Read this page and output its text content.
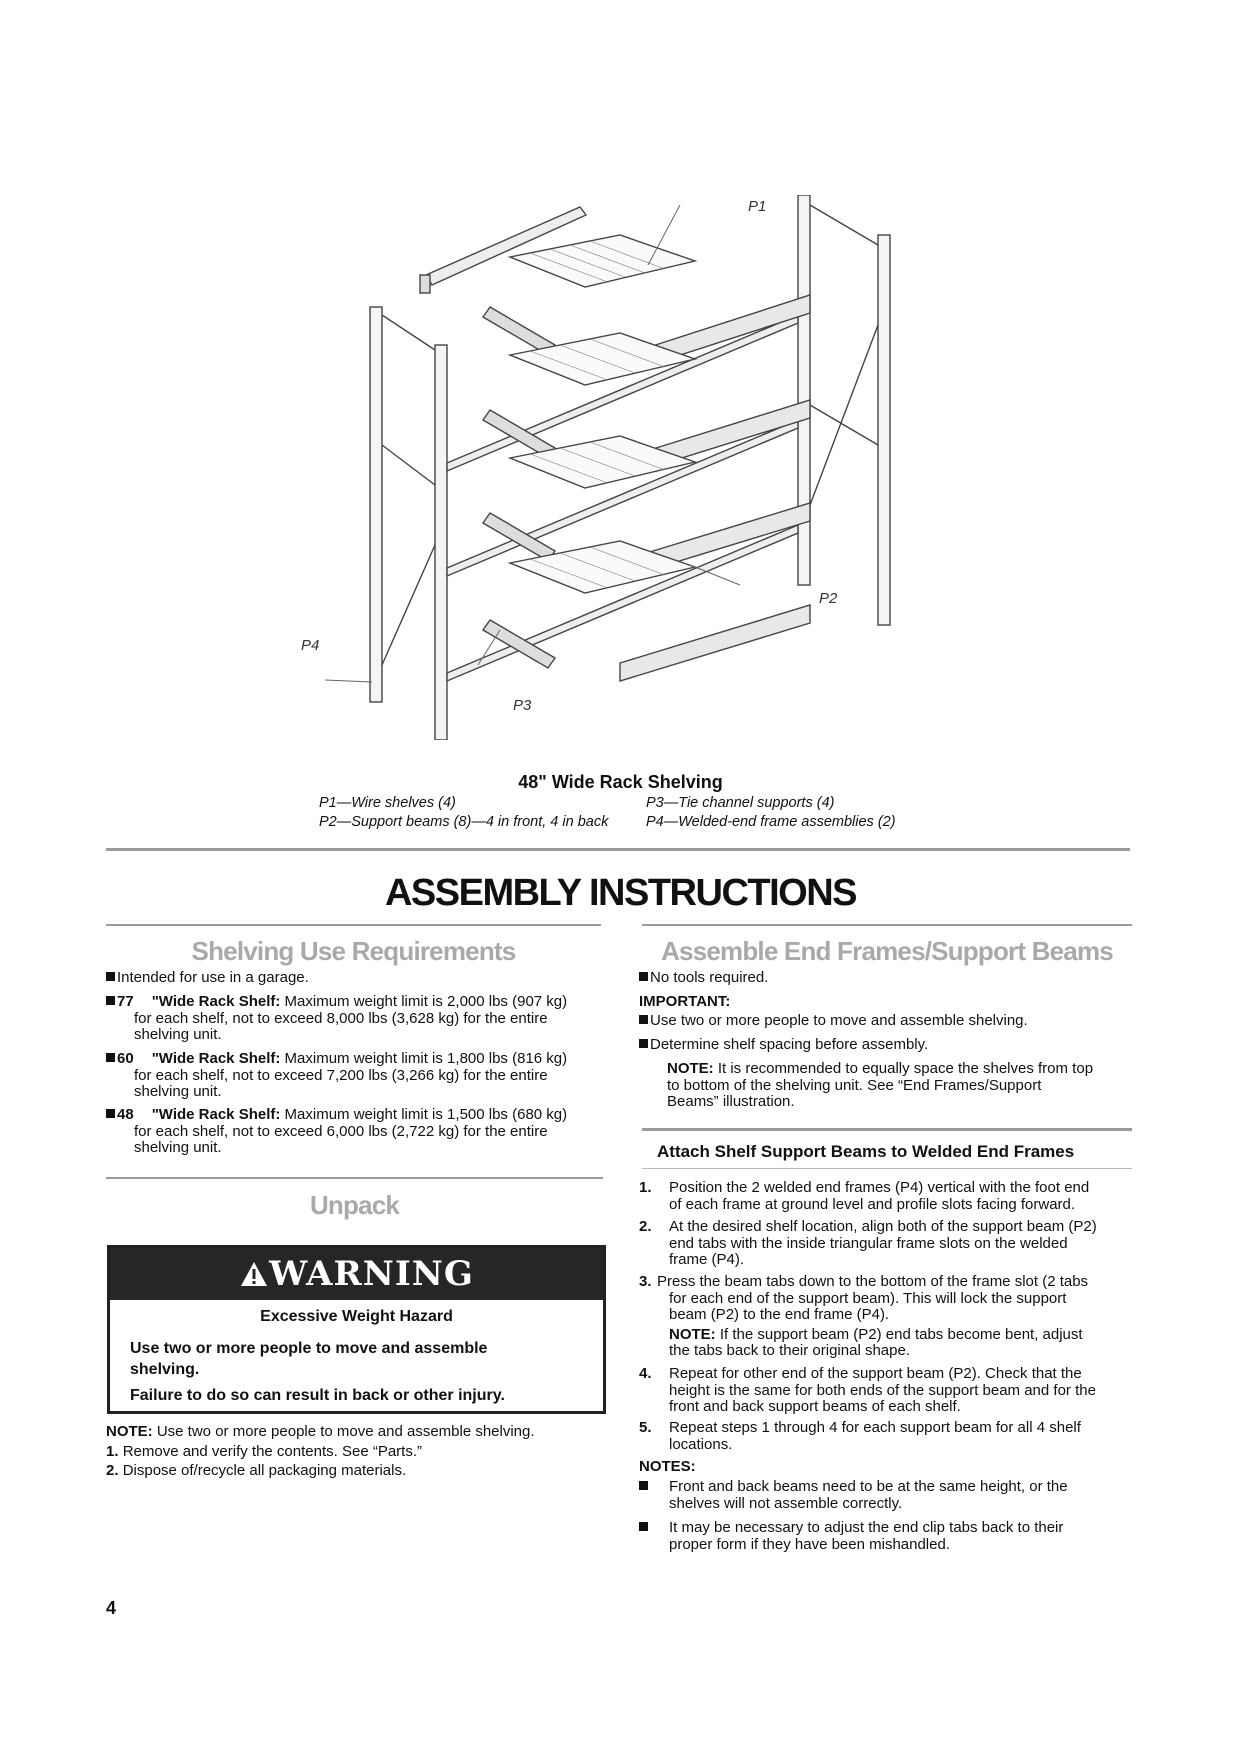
P1
P2
P3
P4
48" Wide Rack Shelving
P1—Wire shelves (4)
P2—Support beams (8)—4 in front, 4 in back
P3—Tie channel supports (4)
P4—Welded-end frame assemblies (2)
ASSEMBLY INSTRUCTIONS
Shelving Use Requirements
Intended for use in a garage.
77 "Wide Rack Shelf: Maximum weight limit is 2,000 lbs (907 kg)
for each shelf, not to exceed 8,000 lbs (3,628 kg) for the entire
shelving unit.
60 "Wide Rack Shelf: Maximum weight limit is 1,800 lbs (816 kg)
for each shelf, not to exceed 7,200 lbs (3,266 kg) for the entire
shelving unit.
48 "Wide Rack Shelf: Maximum weight limit is 1,500 lbs (680 kg)
for each shelf, not to exceed 6,000 lbs (2,722 kg) for the entire
shelving unit.
Unpack
WARNING
Excessive Weight Hazard
Use two or more people to move and assemble
shelving.
Failure to do so can result in back or other injury.
NOTE: Use two or more people to move and assemble shelving.
1. Remove and verify the contents. See “Parts.”
2. Dispose of/recycle all packaging materials.
Assemble End Frames/Support Beams
No tools required.
IMPORTANT:
Use two or more people to move and assemble shelving.
Determine shelf spacing before assembly.
NOTE: It is recommended to equally space the shelves from top
to bottom of the shelving unit. See “End Frames/Support
Beams” illustration.
Attach Shelf Support Beams to Welded End Frames
1. Position the 2 welded end frames (P4) vertical with the foot end
of each frame at ground level and profile slots facing forward.
2. At the desired shelf location, align both of the support beam (P2)
end tabs with the inside triangular frame slots on the welded
frame (P4).
3. Press the beam tabs down to the bottom of the frame slot (2 tabs
for each end of the support beam). This will lock the support
beam (P2) to the end frame (P4).
NOTE: If the support beam (P2) end tabs become bent, adjust
the tabs back to their original shape.
4. Repeat for other end of the support beam (P2). Check that the
height is the same for both ends of the support beam and for the
front and back support beams of each shelf.
5. Repeat steps 1 through 4 for each support beam for all 4 shelf
locations.
NOTES:
Front and back beams need to be at the same height, or the
shelves will not assemble correctly.
It may be necessary to adjust the end clip tabs back to their
proper form if they have been mishandled.
4
